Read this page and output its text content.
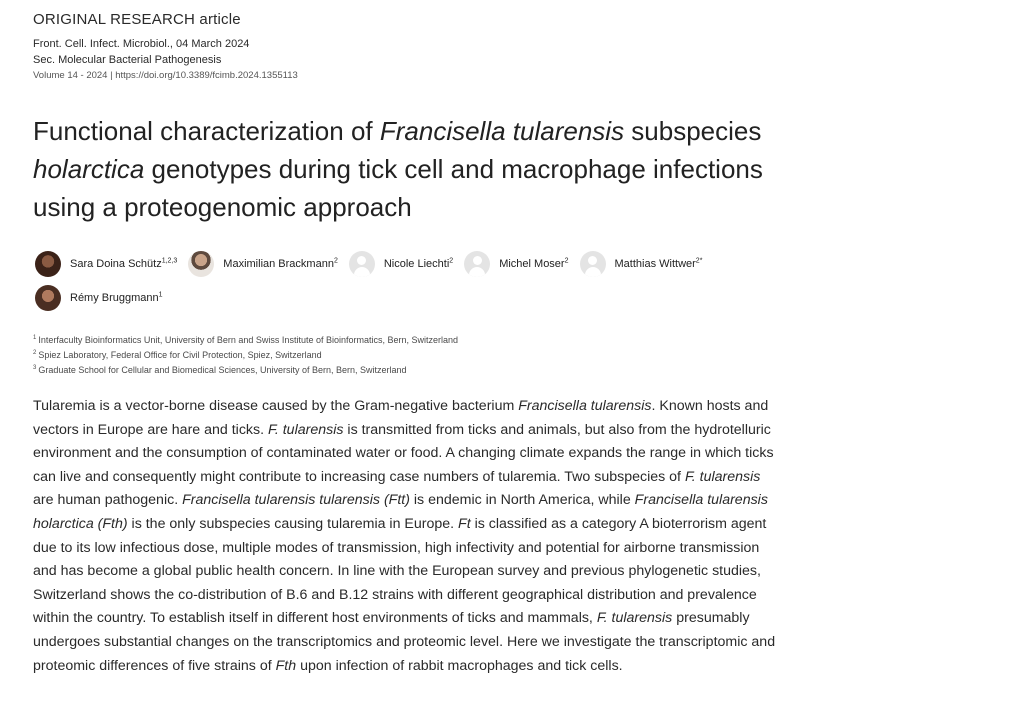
ORIGINAL RESEARCH article

Front. Cell. Infect. Microbiol., 04 March 2024

Sec. Molecular Bacterial Pathogenesis

Volume 14 - 2024 | https://doi.org/10.3389/fcimb.2024.1355113

Functional characterization of Francisella tularensis subspecies holarctica genotypes during tick cell and macrophage infections using a proteogenomic approach
Sara Doina Schütz$^{1,2,3}$	Maximilian Brackmann$^2$	Nicole Liechti$^2$	Michel Moser$^2$	Matthias Wittwer$^{2*}$
Rémy Bruggmann$^1$

$^1$ Interfaculty Bioinformatics Unit, University of Bern and Swiss Institute of Bioinformatics, Bern, Switzerland

$^2$ Spiez Laboratory, Federal Office for Civil Protection, Spiez, Switzerland

$^3$ Graduate School for Cellular and Biomedical Sciences, University of Bern, Bern, Switzerland

Tularemia is a vector-borne disease caused by the Gram-negative bacterium Francisella tularensis. Known hosts and vectors in Europe are hare and ticks. F. tularensis is transmitted from ticks and animals, but also from the hydrotelluric environment and the consumption of contaminated water or food. A changing climate expands the range in which ticks can live and consequently might contribute to increasing case numbers of tularemia. Two subspecies of F. tularensis are human pathogenic. Francisella tularensis tularensis (Ftt) is endemic in North America, while Francisella tularensis holarctica (Fth) is the only subspecies causing tularemia in Europe. Ft is classified as a category A bioterrorism agent due to its low infectious dose, multiple modes of transmission, high infectivity and potential for airborne transmission and has become a global public health concern. In line with the European survey and previous phylogenetic studies, Switzerland shows the co-distribution of B.6 and B.12 strains with different geographical distribution and prevalence within the country. To establish itself in different host environments of ticks and mammals, F. tularensis presumably undergoes substantial changes on the transcriptomics and proteomic level. Here we investigate the transcriptomic and proteomic differences of five strains of Fth upon infection of rabbit macrophages and tick cells.
